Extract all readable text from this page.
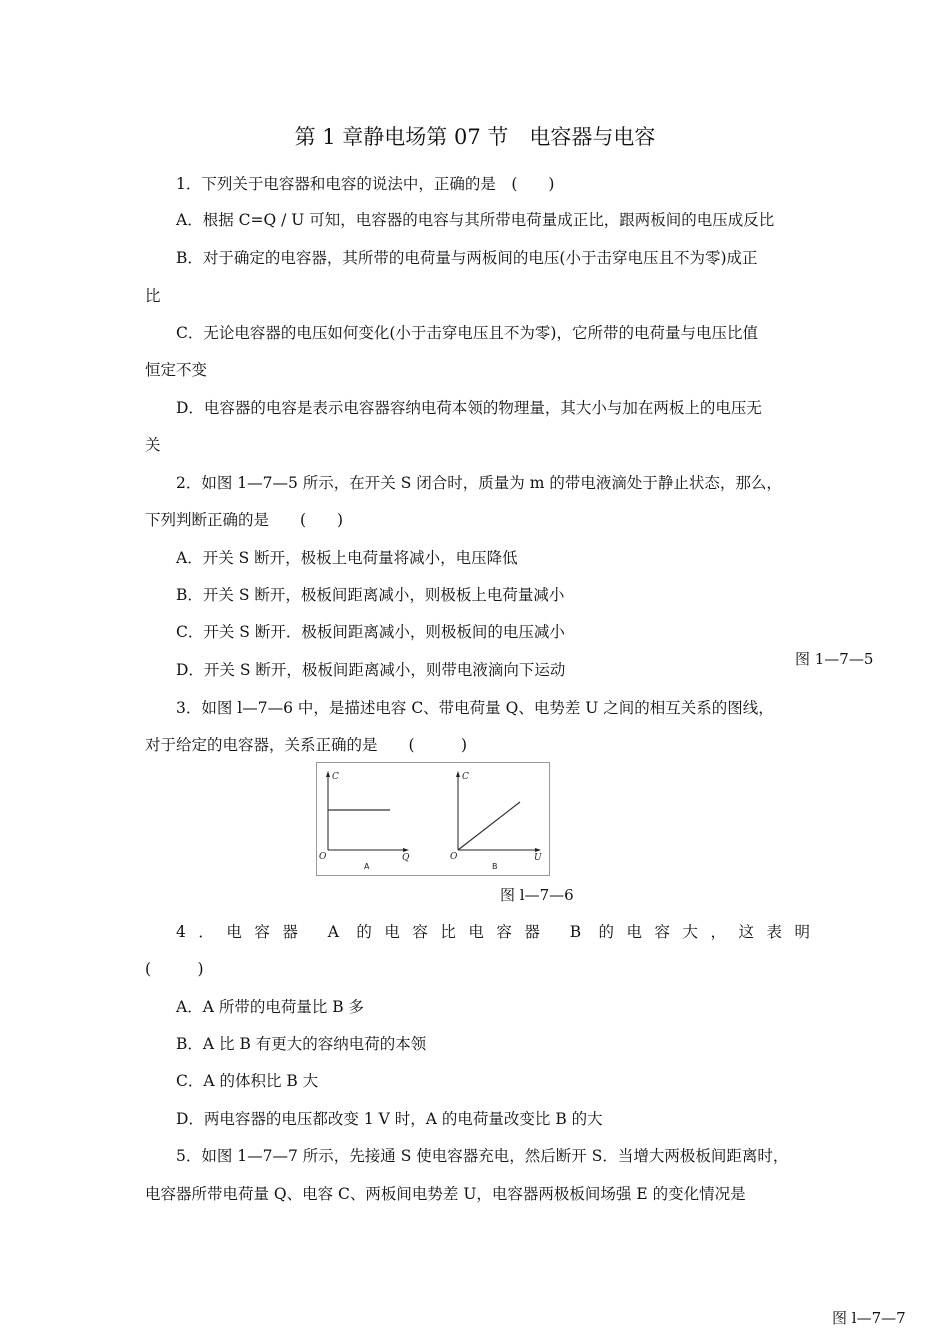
第 1 章静电场第 07 节　电容器与电容
1．下列关于电容器和电容的说法中，正确的是　(　　)
A．根据 C=Q / U 可知，电容器的电容与其所带电荷量成正比，跟两板间的电压成反比
B．对于确定的电容器，其所带的电荷量与两板间的电压(小于击穿电压且不为零)成正
比
C．无论电容器的电压如何变化(小于击穿电压且不为零)，它所带的电荷量与电压比值
恒定不变
D．电容器的电容是表示电容器容纳电荷本领的物理量，其大小与加在两板上的电压无
关
2．如图 1—7—5 所示，在开关 S 闭合时，质量为 m 的带电液滴处于静止状态，那么，
下列判断正确的是　　(　　)
A．开关 S 断开，极板上电荷量将减小，电压降低
B．开关 S 断开，极板间距离减小，则极板上电荷量减小
C．开关 S 断开．极板间距离减小，则极板间的电压减小
D．开关 S 断开，极板间距离减小，则带电液滴向下运动
图 1—7—5
3．如图 l—7—6 中，是描述电容 C、带电荷量 Q、电势差 U 之间的相互关系的图线，
对于给定的电容器，关系正确的是　　(　　　)
C
O	Q
A
C
O	U
B
图 l—7—6
4．电容器 A 的电容比电容器 B 的电容大，这表明
(　　　)
A．A 所带的电荷量比 B 多
B．A 比 B 有更大的容纳电荷的本领
C．A 的体积比 B 大
D．两电容器的电压都改变 1 V 时，A 的电荷量改变比 B 的大
5．如图 1—7—7 所示，先接通 S 使电容器充电，然后断开 S．当增大两极板间距离时，
电容器所带电荷量 Q、电容 C、两板间电势差 U，电容器两极板间场强 E 的变化情况是
图 l—7—7
